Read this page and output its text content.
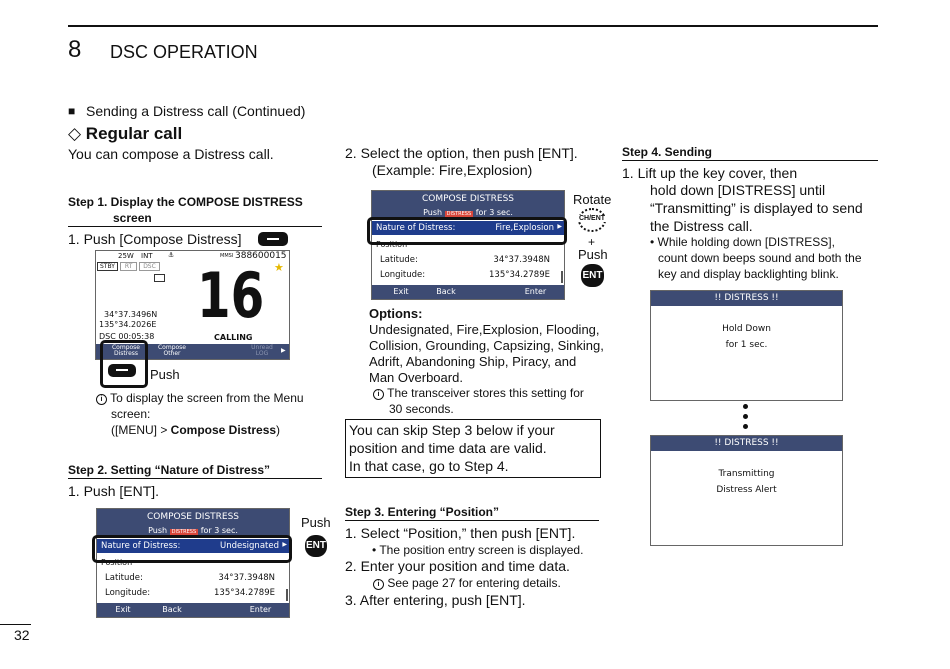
8 DSC OPERATION
32
■ Sending a Distress call (Continued)
◇ Regular call
You can compose a Distress call.
Step 1. Display the COMPOSE DISTRESS
screen
1. Push [Compose Distress]
25W INT ⚓	MMSI 388600015
STBY RT DSC	★
16
34°37.3496N
135°34.2026E
DSC 00:05:38	CALLING
Compose Distress
Compose Other
Unread LOG	▶
Push
i To display the screen from the Menu
screen:
([MENU] > Compose Distress)
Step 2. Setting “Nature of Distress”
1. Push [ENT].
COMPOSE DISTRESS
Push DISTRESS for 3 sec.
Nature of Distress:	Undesignated ▶
Position
Latitude:	34°37.3948N
Longitude:	135°34.2789E
Exit	Back	Enter
Push
ENT
2. Select the option, then push [ENT].
(Example: Fire,Explosion)
COMPOSE DISTRESS
Push DISTRESS for 3 sec.
Nature of Distress:	Fire,Explosion ▶
Position
Latitude:	34°37.3948N
Longitude:	135°34.2789E
Exit	Back	Enter
Rotate
CH/ENT
+
Push
ENT
Options:
Undesignated, Fire,Explosion, Flooding,
Collision, Grounding, Capsizing, Sinking,
Adrift, Abandoning Ship, Piracy, and
Man Overboard.
i The transceiver stores this setting for
30 seconds.
You can skip Step 3 below if your
position and time data are valid.
In that case, go to Step 4.
Step 3. Entering “Position”
1. Select “Position,” then push [ENT].
• The position entry screen is displayed.
2. Enter your position and time data.
i See page 27 for entering details.
3. After entering, push [ENT].
Step 4. Sending
1. Lift up the key cover, then
hold down [DISTRESS] until
“Transmitting” is displayed to send
the Distress call.
• While holding down [DISTRESS],
count down beeps sound and both the
key and display backlighting blink.
!! DISTRESS !!
Hold Down
for 1 sec.
!! DISTRESS !!
Transmitting
Distress Alert
